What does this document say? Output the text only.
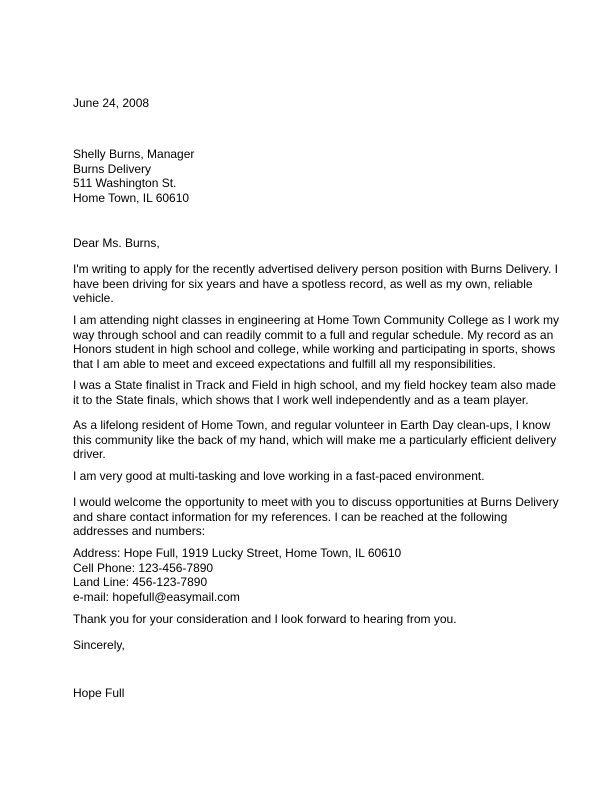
June 24, 2008

Shelly Burns, Manager
Burns Delivery
511 Washington St.
Home Town, IL 60610

Dear Ms. Burns,

I'm writing to apply for the recently advertised delivery person position with Burns Delivery. I
have been driving for six years and have a spotless record, as well as my own, reliable
vehicle.
I am attending night classes in engineering at Home Town Community College as I work my
way through school and can readily commit to a full and regular schedule. My record as an
Honors student in high school and college, while working and participating in sports, shows
that I am able to meet and exceed expectations and fulfill all my responsibilities.
I was a State finalist in Track and Field in high school, and my field hockey team also made
it to the State finals, which shows that I work well independently and as a team player.
As a lifelong resident of Home Town, and regular volunteer in Earth Day clean-ups, I know
this community like the back of my hand, which will make me a particularly efficient delivery
driver.
I am very good at multi-tasking and love working in a fast-paced environment.
I would welcome the opportunity to meet with you to discuss opportunities at Burns Delivery
and share contact information for my references. I can be reached at the following
addresses and numbers:
Address: Hope Full, 1919 Lucky Street, Home Town, IL 60610
Cell Phone: 123-456-7890
Land Line: 456-123-7890
e-mail: hopefull@easymail.com

Thank you for your consideration and I look forward to hearing from you.

Sincerely,

Hope Full
